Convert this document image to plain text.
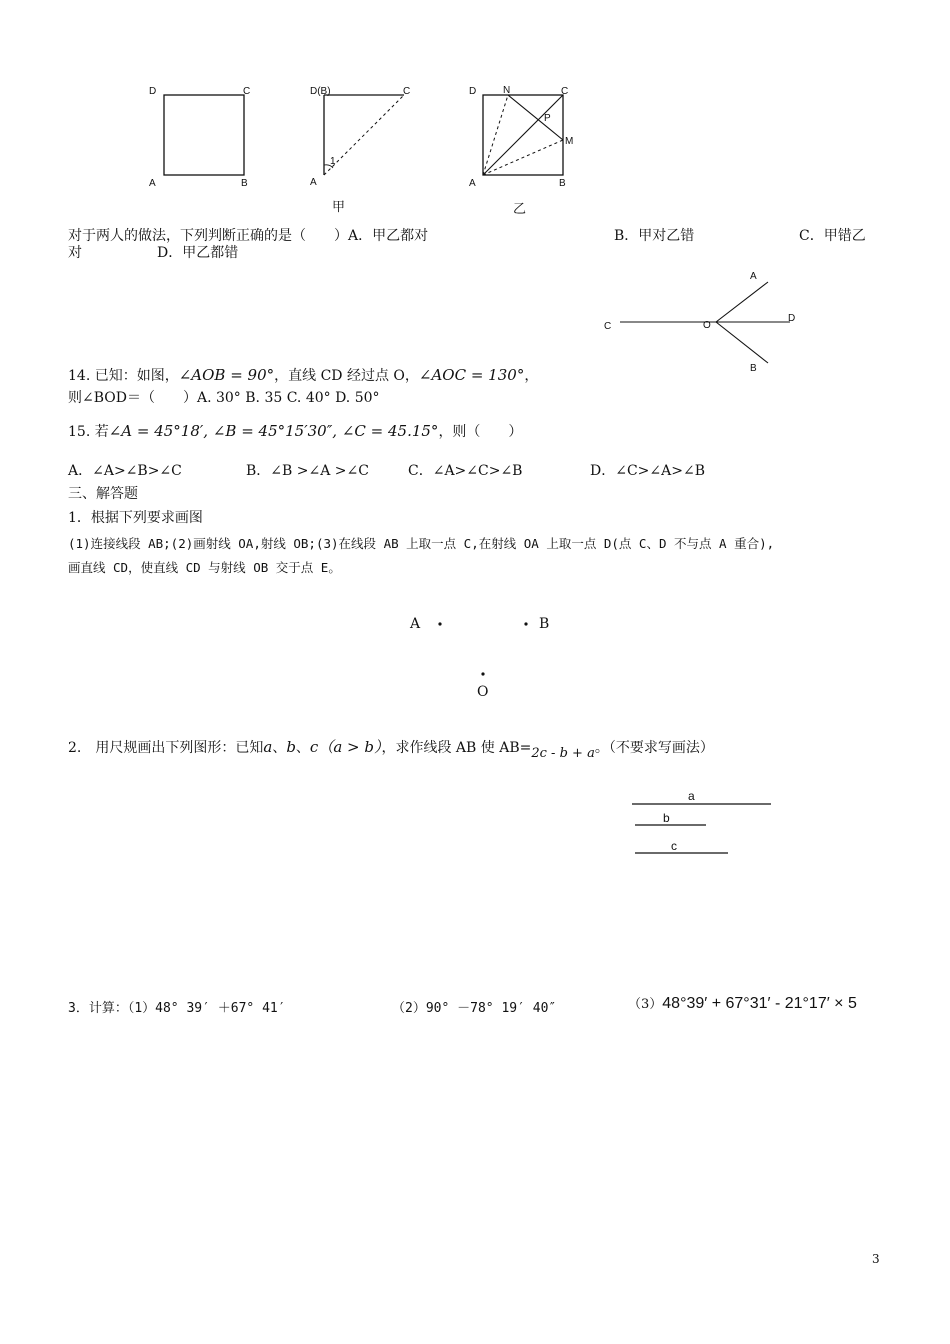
D	C
A	B
D(B)	C
A
1
D	N	C
P
M
A	B
A
B
C
D
O
a
b
c
甲	乙
对于两人的做法，下列判断正确的是（　　）A．甲乙都对	B．甲对乙错	C．甲错乙
对	D．甲乙都错
14. 已知：如图，∠AOB = 90°，直线 CD 经过点 O，∠AOC = 130°，
则∠BOD＝（　　）A. 30° B. 35 C. 40° D. 50°
15. 若∠A = 45°18′, ∠B = 45°15′30″, ∠C = 45.15°，则（　　）
A．∠A>∠B>∠C	B．∠B >∠A >∠C	C．∠A>∠C>∠B	D．∠C>∠A>∠B
三、解答题
1．根据下列要求画图
(1)连接线段 AB;(2)画射线 OA,射线 OB;(3)在线段 AB 上取一点 C,在射线 OA 上取一点 D(点 C、D 不与点 A 重合),
画直线 CD，使直线 CD 与射线 OB 交于点 E。
A	B
O
2.　用尺规画出下列图形：已知a、b、c（a > b），求作线段 AB 使 AB=2c - b + a。（不要求写画法）
3．计算：（1）48° 39′ ＋67° 41′	（2）90° －78° 19′ 40″	（3）48°39′ + 67°31′ - 21°17′ × 5
3
